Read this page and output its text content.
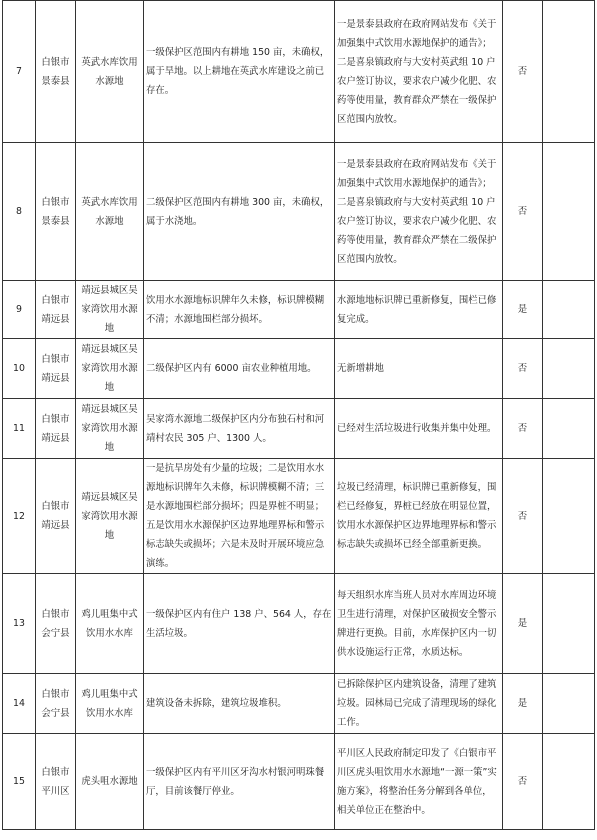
7	白银市景泰县	英武水库饮用水源地	一级保护区范围内有耕地 150 亩，未确权，属于旱地。以上耕地在英武水库建设之前已存在。	一是景泰县政府在政府网站发布《关于加强集中式饮用水源地保护的通告》；二是喜泉镇政府与大安村英武组 10 户农户签订协议，要求农户减少化肥、农药等使用量，教育群众严禁在一级保护区范围内放牧。	否	
8	白银市景泰县	英武水库饮用水源地	二级保护区范围内有耕地 300 亩，未确权，属于水浇地。	一是景泰县政府在政府网站发布《关于加强集中式饮用水源地保护的通告》；二是喜泉镇政府与大安村英武组 10 户农户签订协议，要求农户减少化肥、农药等使用量，教育群众严禁在二级保护区范围内放牧。	否	
9	白银市靖远县	靖远县城区吴家湾饮用水源地	饮用水水源地标识牌年久未修，标识牌模糊不清；水源地围栏部分损坏。	水源地地标识牌已重新修复，围栏已修复完成。	是	
10	白银市靖远县	靖远县城区吴家湾饮用水源地	二级保护区内有 6000 亩农业种植用地。	无新增耕地	否	
11	白银市靖远县	靖远县城区吴家湾饮用水源地	吴家湾水源地二级保护区内分布独石村和河靖村农民 305 户、1300 人。	已经对生活垃圾进行收集并集中处理。	否	
12	白银市靖远县	靖远县城区吴家湾饮用水源地	一是抗旱房处有少量的垃圾；二是饮用水水源地标识牌年久未修，标识牌模糊不清；三是水源地围栏部分损坏；四是界桩不明显；五是饮用水水源保护区边界地理界标和警示标志缺失或损坏；六是未及时开展环境应急演练。	垃圾已经清理，标识牌已重新修复，围栏已经修复，界桩已经放在明显位置，饮用水水源保护区边界地理界标和警示标志缺失或损坏已经全部重新更换。	否	
13	白银市会宁县	鸡儿咀集中式饮用水水库	一级保护区内有住户 138 户、564 人，存在生活垃圾。	每天组织水库当班人员对水库周边环境卫生进行清理，对保护区破损安全警示牌进行更换。目前，水库保护区内一切供水设施运行正常，水质达标。	是	
14	白银市会宁县	鸡儿咀集中式饮用水水库	建筑设备未拆除，建筑垃圾堆积。	已拆除保护区内建筑设备，清理了建筑垃圾。园林局已完成了清理现场的绿化工作。	是	
15	白银市平川区	虎头咀水源地	一级保护区内有平川区牙沟水村银河明珠餐厅，目前该餐厅停业。	平川区人民政府制定印发了《白银市平川区虎头咀饮用水水源地“一源一策”实施方案》，将整治任务分解到各单位，相关单位正在整治中。	否	
